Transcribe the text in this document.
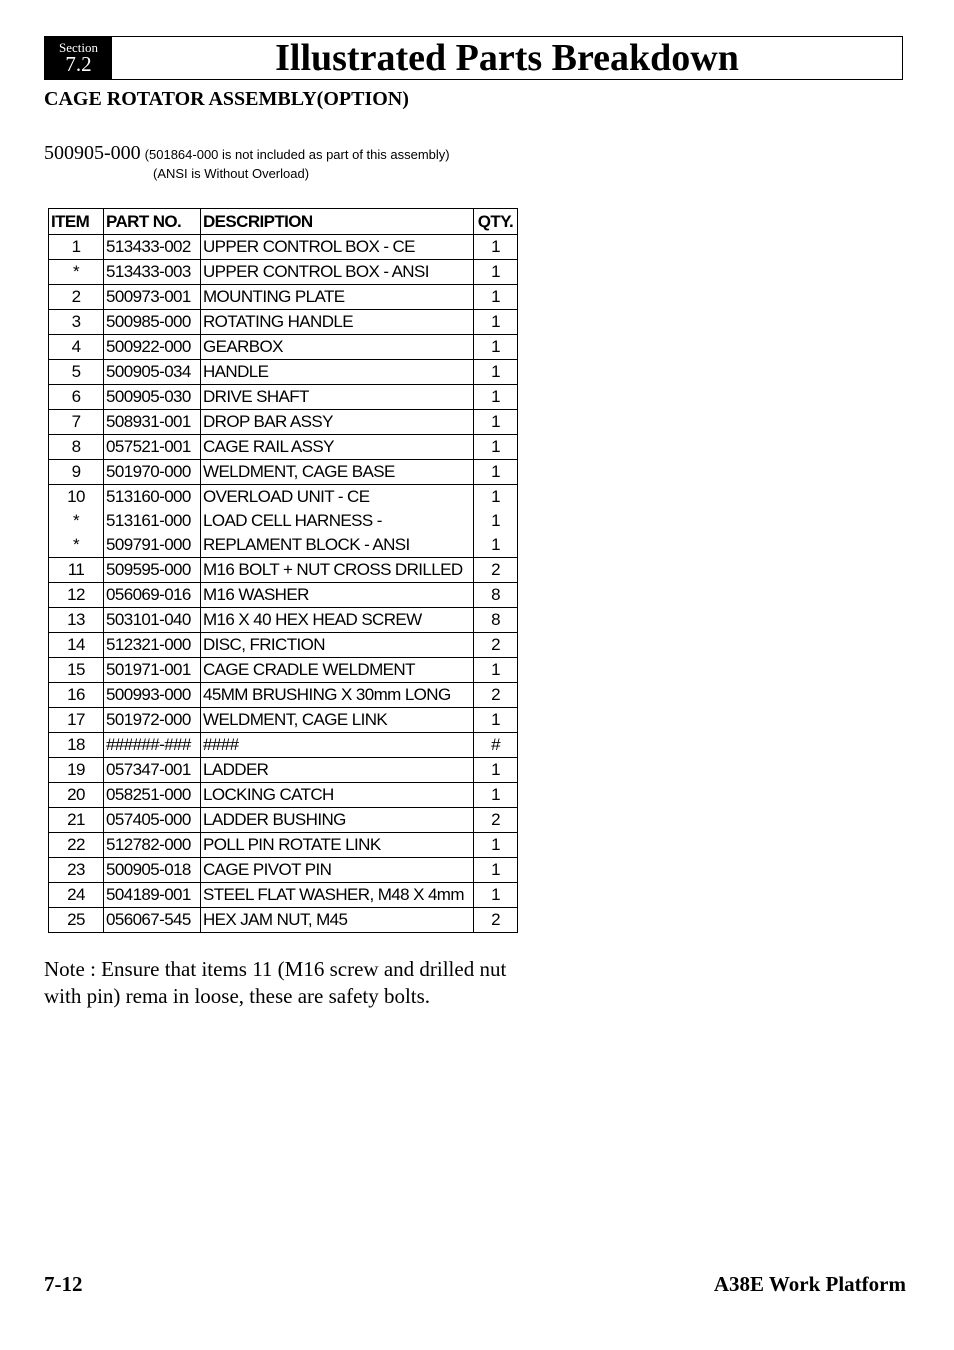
Section
7.2	Illustrated Parts Breakdown
CAGE ROTATOR ASSEMBLY(OPTION)
500905-000 (501864-000 is not included as part of this assembly)
(ANSI is Without Overload)
ITEM	PART NO.	DESCRIPTION	QTY.
1	513433-002	UPPER CONTROL BOX - CE	1
*	513433-003	UPPER CONTROL BOX - ANSI	1
2	500973-001	MOUNTING PLATE	1
3	500985-000	ROTATING HANDLE	1
4	500922-000	GEARBOX	1
5	500905-034	HANDLE	1
6	500905-030	DRIVE SHAFT	1
7	508931-001	DROP BAR ASSY	1
8	057521-001	CAGE RAIL ASSY	1
9	501970-000	WELDMENT, CAGE BASE	1
10	513160-000	OVERLOAD UNIT - CE	1
*	513161-000	LOAD CELL HARNESS -	1
*	509791-000	REPLAMENT BLOCK - ANSI	1
11	509595-000	M16 BOLT + NUT CROSS DRILLED	2
12	056069-016	M16 WASHER	8
13	503101-040	M16 X 40 HEX HEAD SCREW	8
14	512321-000	DISC, FRICTION	2
15	501971-001	CAGE CRADLE WELDMENT	1
16	500993-000	45MM BRUSHING X 30mm LONG	2
17	501972-000	WELDMENT, CAGE LINK	1
18	######-###	####	#
19	057347-001	LADDER	1
20	058251-000	LOCKING CATCH	1
21	057405-000	LADDER BUSHING	2
22	512782-000	POLL PIN ROTATE LINK	1
23	500905-018	CAGE PIVOT PIN	1
24	504189-001	STEEL FLAT WASHER, M48 X 4mm	1
25	056067-545	HEX JAM NUT, M45	2
Note : Ensure that items 11 (M16 screw and drilled nut with pin) rema in loose, these are safety bolts.
7-12	A38E Work Platform
